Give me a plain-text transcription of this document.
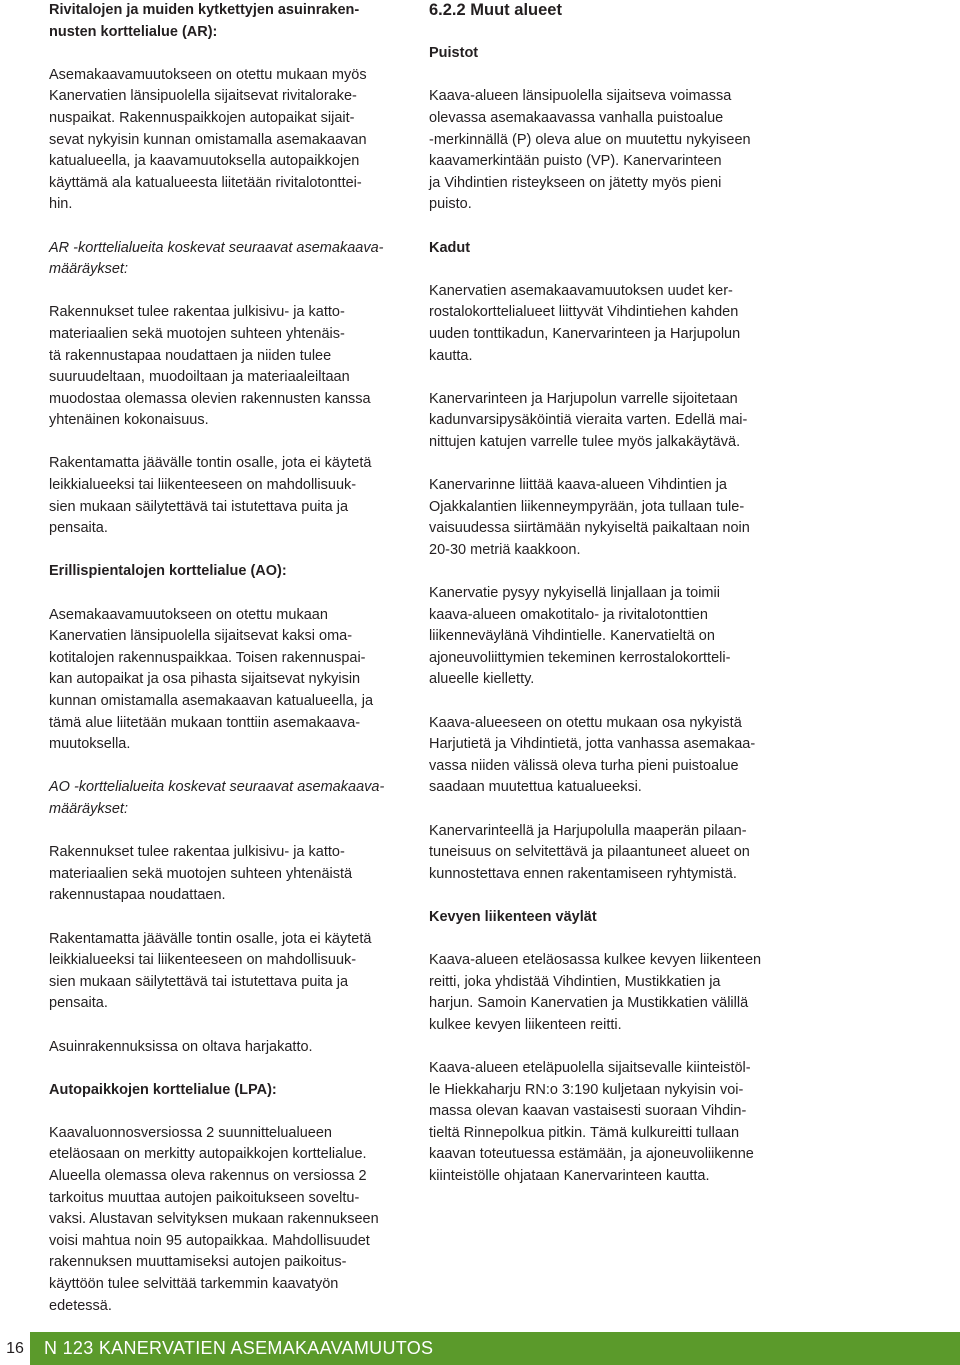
Rivitalojen ja muiden kytkettyjen asuinraken-
nusten korttelialue (AR):

Asemakaavamuutokseen on otettu mukaan myös
Kanervatien länsipuolella sijaitsevat rivitalorake-
nuspaikat. Rakennuspaikkojen autopaikat sijait-
sevat nykyisin kunnan omistamalla asemakaavan
katualueella, ja kaavamuutoksella autopaikkojen
käyttämä ala katualueesta liitetään rivitalotonttei-
hin.

AR -korttelialueita koskevat seuraavat asemakaava-
määräykset:

Rakennukset tulee rakentaa julkisivu- ja katto-
materiaalien sekä muotojen suhteen yhtenäis-
tä rakennustapaa noudattaen ja niiden tulee
suuruudeltaan, muodoiltaan ja materiaaleiltaan
muodostaa olemassa olevien rakennusten kanssa
yhtenäinen kokonaisuus.

Rakentamatta jäävälle tontin osalle, jota ei käytetä
leikkialueeksi tai liikenteeseen on mahdollisuuk-
sien mukaan säilytettävä tai istutettava puita ja
pensaita.

Erillispientalojen korttelialue (AO):

Asemakaavamuutokseen on otettu mukaan
Kanervatien länsipuolella sijaitsevat kaksi oma-
kotitalojen rakennuspaikkaa. Toisen rakennuspai-
kan autopaikat ja osa pihasta sijaitsevat nykyisin
kunnan omistamalla asemakaavan katualueella, ja
tämä alue liitetään mukaan tonttiin asemakaava-
muutoksella.

AO -korttelialueita koskevat seuraavat asemakaava-
määräykset:

Rakennukset tulee rakentaa julkisivu- ja katto-
materiaalien sekä muotojen suhteen yhtenäistä
rakennustapaa noudattaen.

Rakentamatta jäävälle tontin osalle, jota ei käytetä
leikkialueeksi tai liikenteeseen on mahdollisuuk-
sien mukaan säilytettävä tai istutettava puita ja
pensaita.

Asuinrakennuksissa on oltava harjakatto.

Autopaikkojen korttelialue (LPA):

Kaavaluonnosversiossa 2 suunnittelualueen
eteläosaan on merkitty autopaikkojen korttelialue.
Alueella olemassa oleva rakennus on versiossa 2
tarkoitus muuttaa autojen paikoitukseen soveltu-
vaksi. Alustavan selvityksen mukaan rakennukseen
voisi mahtua noin 95 autopaikkaa. Mahdollisuudet
rakennuksen muuttamiseksi autojen paikoitus-
käyttöön tulee selvittää tarkemmin kaavatyön
edetessä.

6.2.2 Muut alueet

Puistot

Kaava-alueen länsipuolella sijaitseva voimassa
olevassa asemakaavassa vanhalla puistoalue
-merkinnällä (P) oleva alue on muutettu nykyiseen
kaavamerkintään puisto (VP). Kanervarinteen
ja Vihdintien risteykseen on jätetty myös pieni
puisto.

Kadut

Kanervatien asemakaavamuutoksen uudet ker-
rostalokorttelialueet liittyvät Vihdintiehen kahden
uuden tonttikadun, Kanervarinteen ja Harjupolun
kautta.

Kanervarinteen ja Harjupolun varrelle sijoitetaan
kadunvarsipysäköintiä vieraita varten. Edellä mai-
nittujen katujen varrelle tulee myös jalkakäytävä.

Kanervarinne liittää kaava-alueen Vihdintien ja
Ojakkalantien liikenneympyrään, jota tullaan tule-
vaisuudessa siirtämään nykyiseltä paikaltaan noin
20-30 metriä kaakkoon.

Kanervatie pysyy nykyisellä linjallaan ja toimii
kaava-alueen omakotitalo- ja rivitalotonttien
liikenneväylänä Vihdintielle. Kanervatieltä on
ajoneuvoliittymien tekeminen kerrostalokortteli-
alueelle kielletty.

Kaava-alueeseen on otettu mukaan osa nykyistä
Harjutietä ja Vihdintietä, jotta vanhassa asemakaa-
vassa niiden välissä oleva turha pieni puistoalue
saadaan muutettua katualueeksi.

Kanervarinteellä ja Harjupolulla maaperän pilaan-
tuneisuus on selvitettävä ja pilaantuneet alueet on
kunnostettava ennen rakentamiseen ryhtymistä.

Kevyen liikenteen väylät

Kaava-alueen eteläosassa kulkee kevyen liikenteen
reitti, joka yhdistää Vihdintien, Mustikkatien ja
harjun. Samoin Kanervatien ja Mustikkatien välillä
kulkee kevyen liikenteen reitti.

Kaava-alueen eteläpuolella sijaitsevalle kiinteistöl-
le Hiekkaharju RN:o 3:190 kuljetaan nykyisin voi-
massa olevan kaavan vastaisesti suoraan Vihdin-
tieltä Rinnepolkua pitkin. Tämä kulkureitti tullaan
kaavan toteutuessa estämään, ja ajoneuvoliikenne
kiinteistölle ohjataan Kanervarinteen kautta.

16	N 123 KANERVATIEN ASEMAKAAVAMUUTOS
